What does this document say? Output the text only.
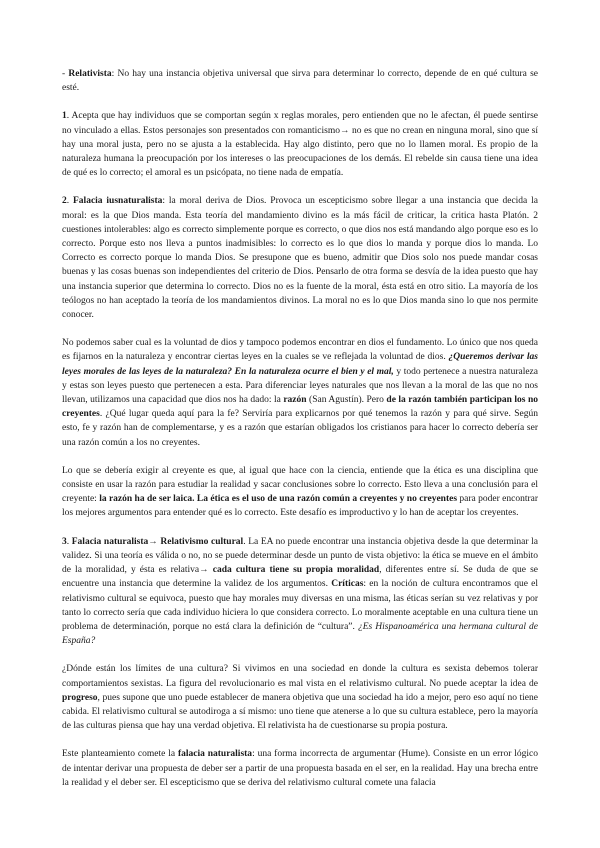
- Relativista: No hay una instancia objetiva universal que sirva para determinar lo correcto, depende de en qué cultura se esté.

1. Acepta que hay individuos que se comportan según x reglas morales, pero entienden que no le afectan, él puede sentirse no vinculado a ellas. Estos personajes son presentados con romanticismo→ no es que no crean en ninguna moral, sino que sí hay una moral justa, pero no se ajusta a la establecida. Hay algo distinto, pero que no lo llamen moral. Es propio de la naturaleza humana la preocupación por los intereses o las preocupaciones de los demás. El rebelde sin causa tiene una idea de qué es lo correcto; el amoral es un psicópata, no tiene nada de empatía.

2. Falacia iusnaturalista: la moral deriva de Dios. Provoca un escepticismo sobre llegar a una instancia que decida la moral: es la que Dios manda. Esta teoría del mandamiento divino es la más fácil de criticar, la critica hasta Platón. 2 cuestiones intolerables: algo es correcto simplemente porque es correcto, o que dios nos está mandando algo porque eso es lo correcto. Porque esto nos lleva a puntos inadmisibles: lo correcto es lo que dios lo manda y porque dios lo manda. Lo Correcto es correcto porque lo manda Dios. Se presupone que es bueno, admitir que Dios solo nos puede mandar cosas buenas y las cosas buenas son independientes del criterio de Dios. Pensarlo de otra forma se desvía de la idea puesto que hay una instancia superior que determina lo correcto. Dios no es la fuente de la moral, ésta está en otro sitio. La mayoría de los teólogos no han aceptado la teoría de los mandamientos divinos. La moral no es lo que Dios manda sino lo que nos permite conocer.

No podemos saber cual es la voluntad de dios y tampoco podemos encontrar en dios el fundamento. Lo único que nos queda es fijarnos en la naturaleza y encontrar ciertas leyes en la cuales se ve reflejada la voluntad de dios. ¿Queremos derivar las leyes morales de las leyes de la naturaleza? En la naturaleza ocurre el bien y el mal, y todo pertenece a nuestra naturaleza y estas son leyes puesto que pertenecen a esta. Para diferenciar leyes naturales que nos llevan a la moral de las que no nos llevan, utilizamos una capacidad que dios nos ha dado: la razón (San Agustín). Pero de la razón también participan los no creyentes. ¿Qué lugar queda aquí para la fe? Serviría para explicarnos por qué tenemos la razón y para qué sirve. Según esto, fe y razón han de complementarse, y es a razón que estarían obligados los cristianos para hacer lo correcto debería ser una razón común a los no creyentes.

Lo que se debería exigir al creyente es que, al igual que hace con la ciencia, entiende que la ética es una disciplina que consiste en usar la razón para estudiar la realidad y sacar conclusiones sobre lo correcto. Esto lleva a una conclusión para el creyente: la razón ha de ser laica. La ética es el uso de una razón común a creyentes y no creyentes para poder encontrar los mejores argumentos para entender qué es lo correcto. Este desafío es improductivo y lo han de aceptar los creyentes.

3. Falacia naturalista→ Relativismo cultural. La EA no puede encontrar una instancia objetiva desde la que determinar la validez. Si una teoría es válida o no, no se puede determinar desde un punto de vista objetivo: la ética se mueve en el ámbito de la moralidad, y ésta es relativa→ cada cultura tiene su propia moralidad, diferentes entre sí. Se duda de que se encuentre una instancia que determine la validez de los argumentos. Críticas: en la noción de cultura encontramos que el relativismo cultural se equivoca, puesto que hay morales muy diversas en una misma, las éticas serían su vez relativas y por tanto lo correcto sería que cada individuo hiciera lo que considera correcto. Lo moralmente aceptable en una cultura tiene un problema de determinación, porque no está clara la definición de “cultura”. ¿Es Hispanoamérica una hermana cultural de España?

¿Dónde están los límites de una cultura? Si vivimos en una sociedad en donde la cultura es sexista debemos tolerar comportamientos sexistas. La figura del revolucionario es mal vista en el relativismo cultural. No puede aceptar la idea de progreso, pues supone que uno puede establecer de manera objetiva que una sociedad ha ido a mejor, pero eso aquí no tiene cabida. El relativismo cultural se autodiroga a sí mismo: uno tiene que atenerse a lo que su cultura establece, pero la mayoría de las culturas piensa que hay una verdad objetiva. El relativista ha de cuestionarse su propia postura.

Este planteamiento comete la falacia naturalista: una forma incorrecta de argumentar (Hume). Consiste en un error lógico de intentar derivar una propuesta de deber ser a partir de una propuesta basada en el ser, en la realidad. Hay una brecha entre la realidad y el deber ser. El escepticismo que se deriva del relativismo cultural comete una falacia
